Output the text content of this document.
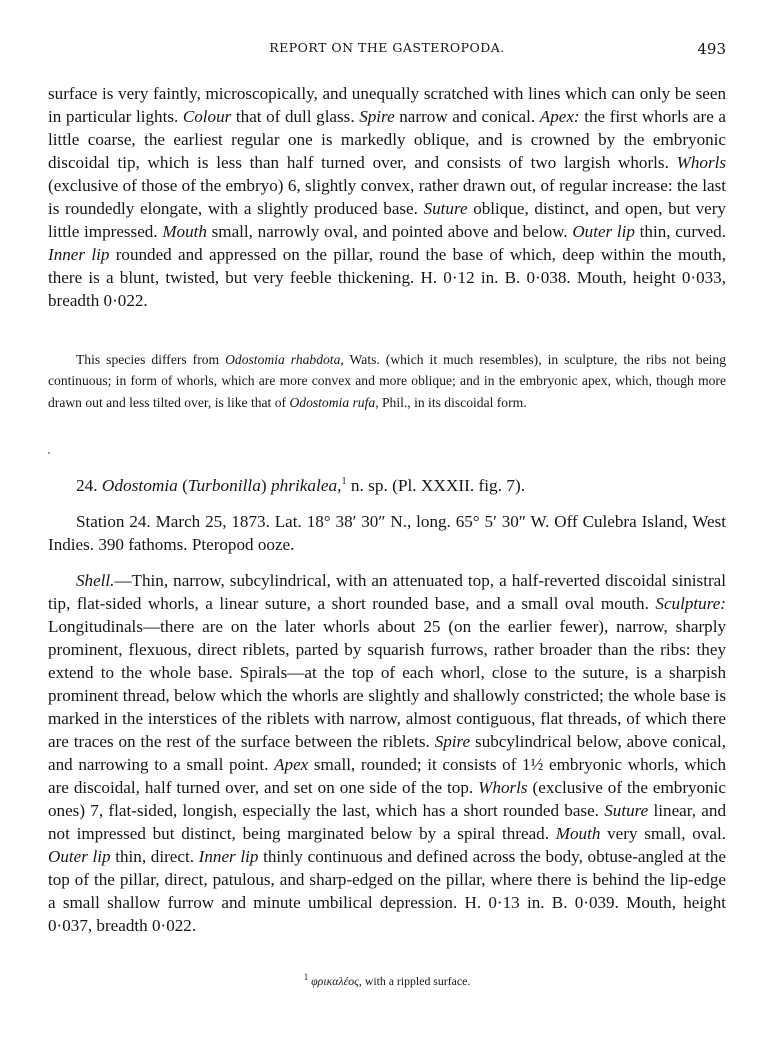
REPORT ON THE GASTEROPODA.	493

surface is very faintly, microscopically, and unequally scratched with lines which can only be seen in particular lights. Colour that of dull glass. Spire narrow and conical. Apex: the first whorls are a little coarse, the earliest regular one is markedly oblique, and is crowned by the embryonic discoidal tip, which is less than half turned over, and consists of two largish whorls. Whorls (exclusive of those of the embryo) 6, slightly convex, rather drawn out, of regular increase: the last is roundedly elongate, with a slightly produced base. Suture oblique, distinct, and open, but very little impressed. Mouth small, narrowly oval, and pointed above and below. Outer lip thin, curved. Inner lip rounded and appressed on the pillar, round the base of which, deep within the mouth, there is a blunt, twisted, but very feeble thickening. H. 0·12 in. B. 0·038. Mouth, height 0·033, breadth 0·022.

This species differs from Odostomia rhabdota, Wats. (which it much resembles), in sculpture, the ribs not being continuous; in form of whorls, which are more convex and more oblique; and in the embryonic apex, which, though more drawn out and less tilted over, is like that of Odostomia rufa, Phil., in its discoidal form.

24. Odostomia (Turbonilla) phrikalea,$^1$ n. sp. (Pl. XXXII. fig. 7).

Station 24. March 25, 1873. Lat. 18° 38′ 30″ N., long. 65° 5′ 30″ W. Off Culebra Island, West Indies. 390 fathoms. Pteropod ooze.

Shell.—Thin, narrow, subcylindrical, with an attenuated top, a half-reverted discoidal sinistral tip, flat-sided whorls, a linear suture, a short rounded base, and a small oval mouth. Sculpture: Longitudinals—there are on the later whorls about 25 (on the earlier fewer), narrow, sharply prominent, flexuous, direct riblets, parted by squarish furrows, rather broader than the ribs: they extend to the whole base. Spirals—at the top of each whorl, close to the suture, is a sharpish prominent thread, below which the whorls are slightly and shallowly constricted; the whole base is marked in the interstices of the riblets with narrow, almost contiguous, flat threads, of which there are traces on the rest of the surface between the riblets. Spire subcylindrical below, above conical, and narrowing to a small point. Apex small, rounded; it consists of 1½ embryonic whorls, which are discoidal, half turned over, and set on one side of the top. Whorls (exclusive of the embryonic ones) 7, flat-sided, longish, especially the last, which has a short rounded base. Suture linear, and not impressed but distinct, being marginated below by a spiral thread. Mouth very small, oval. Outer lip thin, direct. Inner lip thinly continuous and defined across the body, obtuse-angled at the top of the pillar, direct, patulous, and sharp-edged on the pillar, where there is behind the lip-edge a small shallow furrow and minute umbilical depression. H. 0·13 in. B. 0·039. Mouth, height 0·037, breadth 0·022.

$^1$ φρικαλέος, with a rippled surface.
